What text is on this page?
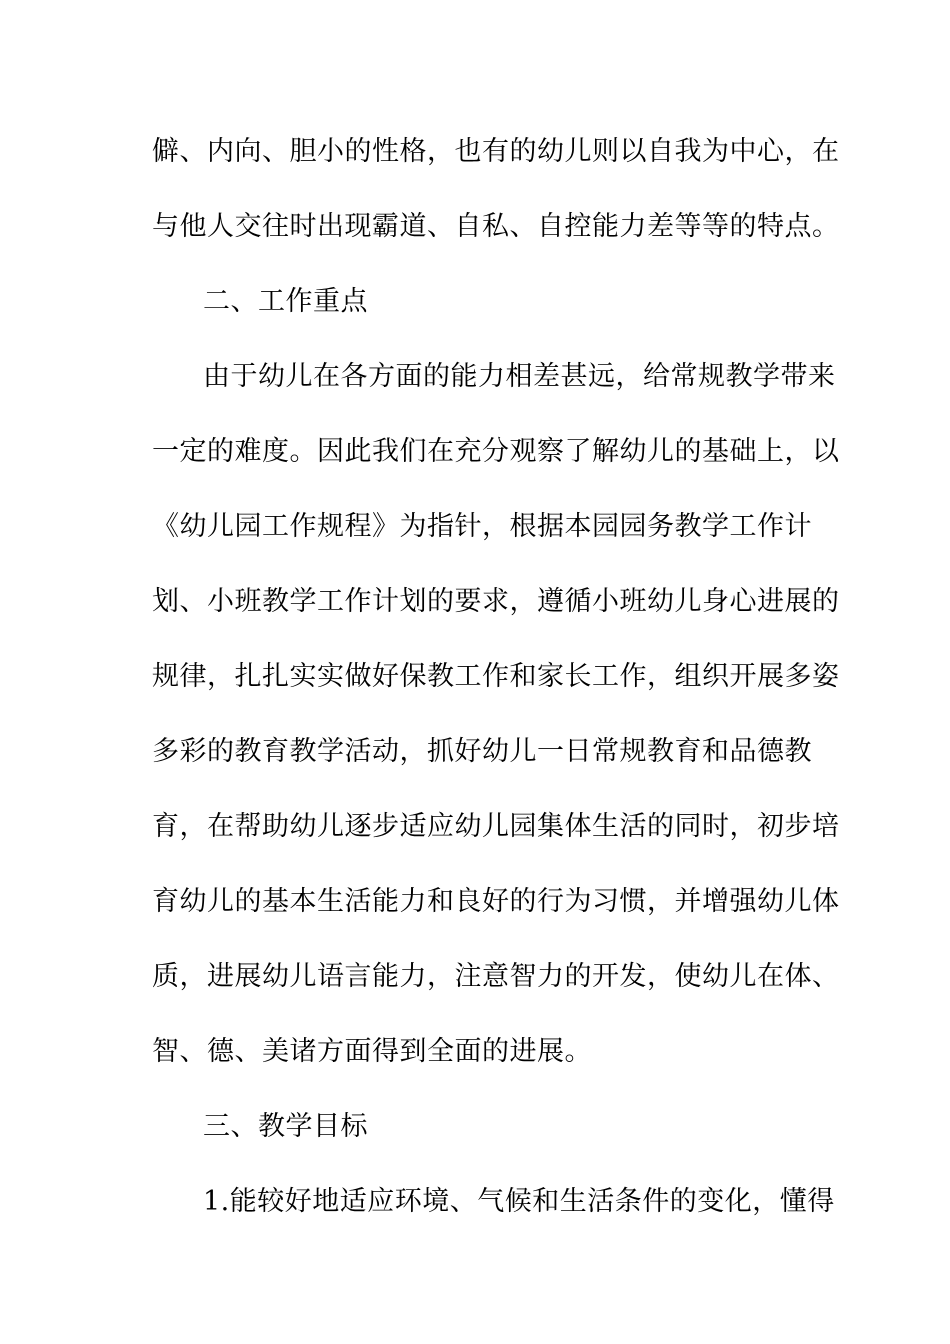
僻、内向、胆小的性格，也有的幼儿则以自我为中心，在
与他人交往时出现霸道、自私、自控能力差等等的特点。
二、工作重点
由于幼儿在各方面的能力相差甚远，给常规教学带来
一定的难度。因此我们在充分观察了解幼儿的基础上，以
《幼儿园工作规程》为指针，根据本园园务教学工作计
划、小班教学工作计划的要求，遵循小班幼儿身心进展的
规律，扎扎实实做好保教工作和家长工作，组织开展多姿
多彩的教育教学活动，抓好幼儿一日常规教育和品德教
育，在帮助幼儿逐步适应幼儿园集体生活的同时，初步培
育幼儿的基本生活能力和良好的行为习惯，并增强幼儿体
质，进展幼儿语言能力，注意智力的开发，使幼儿在体、
智、德、美诸方面得到全面的进展。
三、教学目标
1.能较好地适应环境、气候和生活条件的变化，懂得
